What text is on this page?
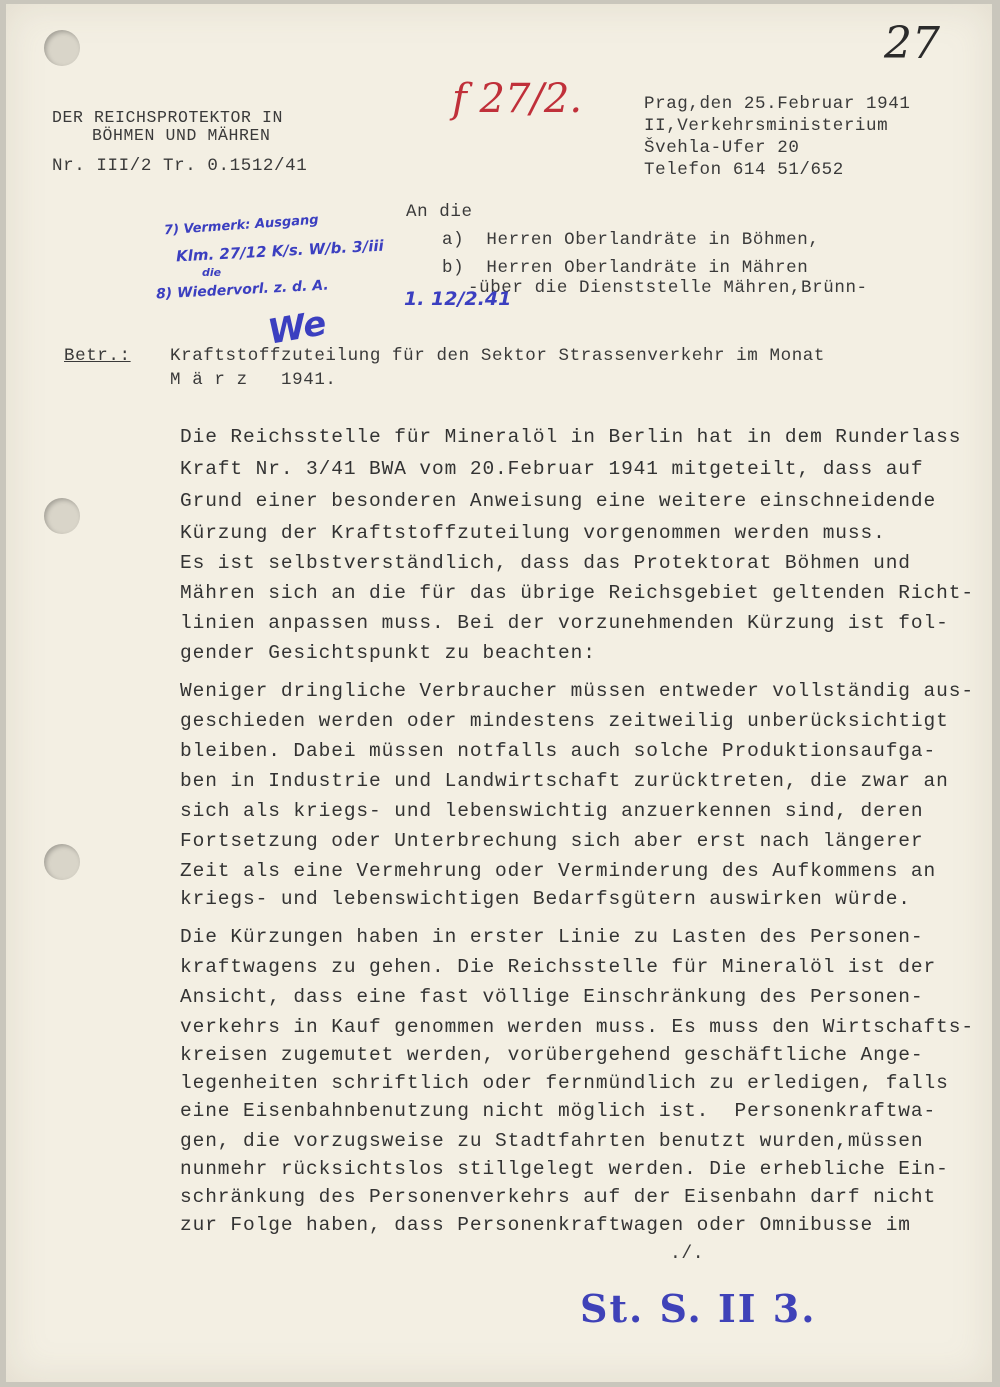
27
f 27/2.
DER REICHSPROTEKTOR IN
BÖHMEN UND MÄHREN
Nr. III/2 Tr. 0.1512/41
Prag,den 25.Februar 1941
II,Verkehrsministerium
Švehla-Ufer 20
Telefon 614 51/652
An die
a)  Herren Oberlandräte in Böhmen,
b)  Herren Oberlandräte in Mähren
-über die Dienststelle Mähren,Brünn-
7) Vermerk: Ausgang
Klm. 27/12 K/s. W/b. 3/iii
die
8) Wiedervorl. z. d. A.	1. 12/2.41
We
Betr.: Kraftstoffzuteilung für den Sektor Strassenverkehr im Monat
M ä r z   1941.
Die Reichsstelle für Mineralöl in Berlin hat in dem Runderlass
Kraft Nr. 3/41 BWA vom 20.Februar 1941 mitgeteilt, dass auf
Grund einer besonderen Anweisung eine weitere einschneidende
Kürzung der Kraftstoffzuteilung vorgenommen werden muss.
Es ist selbstverständlich, dass das Protektorat Böhmen und
Mähren sich an die für das übrige Reichsgebiet geltenden Richt-
linien anpassen muss. Bei der vorzunehmenden Kürzung ist fol-
gender Gesichtspunkt zu beachten:
Weniger dringliche Verbraucher müssen entweder vollständig aus-
geschieden werden oder mindestens zeitweilig unberücksichtigt
bleiben. Dabei müssen notfalls auch solche Produktionsaufga-
ben in Industrie und Landwirtschaft zurücktreten, die zwar an
sich als kriegs- und lebenswichtig anzuerkennen sind, deren
Fortsetzung oder Unterbrechung sich aber erst nach längerer
Zeit als eine Vermehrung oder Verminderung des Aufkommens an
kriegs- und lebenswichtigen Bedarfsgütern auswirken würde.
Die Kürzungen haben in erster Linie zu Lasten des Personen-
kraftwagens zu gehen. Die Reichsstelle für Mineralöl ist der
Ansicht, dass eine fast völlige Einschränkung des Personen-
verkehrs in Kauf genommen werden muss. Es muss den Wirtschafts-
kreisen zugemutet werden, vorübergehend geschäftliche Ange-
legenheiten schriftlich oder fernmündlich zu erledigen, falls
eine Eisenbahnbenutzung nicht möglich ist.  Personenkraftwa-
gen, die vorzugsweise zu Stadtfahrten benutzt wurden,müssen
nunmehr rücksichtslos stillgelegt werden. Die erhebliche Ein-
schränkung des Personenverkehrs auf der Eisenbahn darf nicht
zur Folge haben, dass Personenkraftwagen oder Omnibusse im
./.
St. S. II 3.
